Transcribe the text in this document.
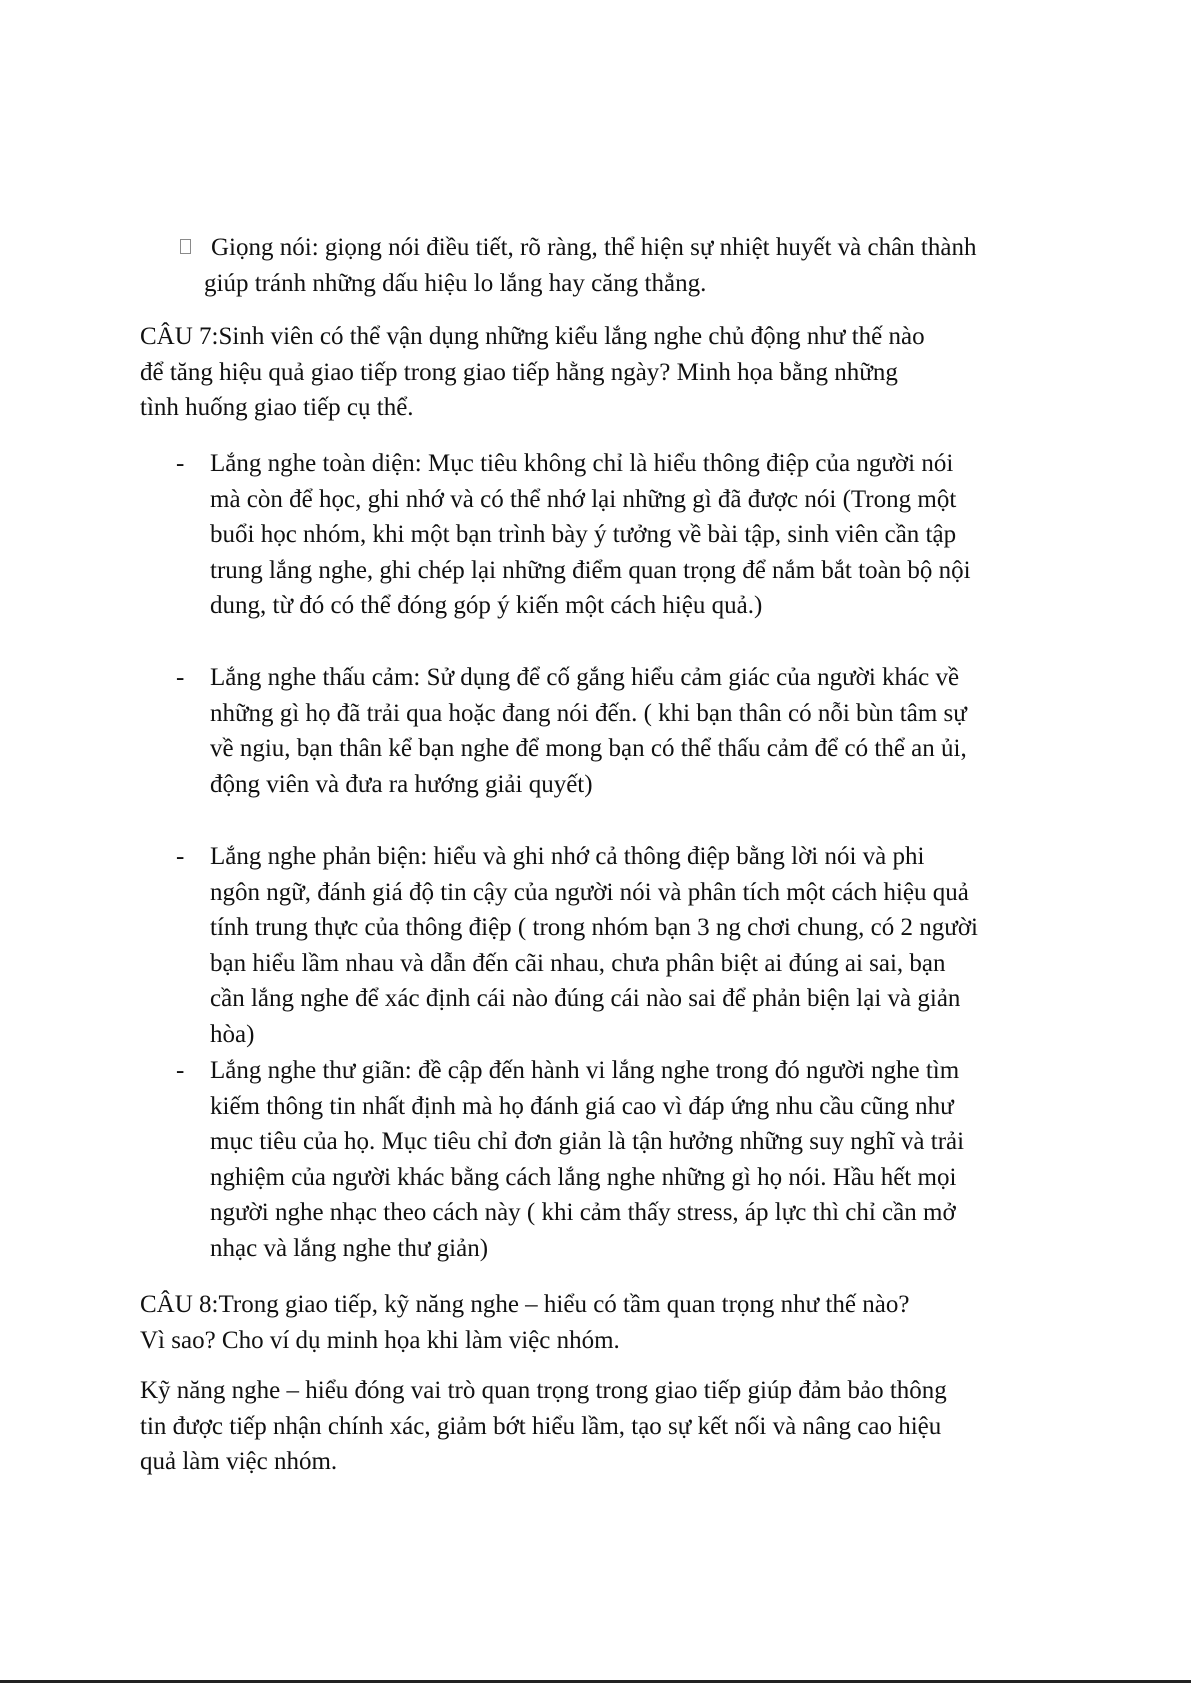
Giọng nói: giọng nói điều tiết, rõ ràng, thể hiện sự nhiệt huyết và chân thành

giúp tránh những dấu hiệu lo lắng hay căng thẳng.
CÂU 7:Sinh viên có thể vận dụng những kiểu lắng nghe chủ động như thế nào
để tăng hiệu quả giao tiếp trong giao tiếp hằng ngày? Minh họa bằng những
tình huống giao tiếp cụ thể.
- Lắng nghe toàn diện: Mục tiêu không chỉ là hiểu thông điệp của người nói
mà còn để học, ghi nhớ và có thể nhớ lại những gì đã được nói (Trong một
buổi học nhóm, khi một bạn trình bày ý tưởng về bài tập, sinh viên cần tập
trung lắng nghe, ghi chép lại những điểm quan trọng để nắm bắt toàn bộ nội
dung, từ đó có thể đóng góp ý kiến một cách hiệu quả.)
- Lắng nghe thấu cảm: Sử dụng để cố gắng hiểu cảm giác của người khác về
những gì họ đã trải qua hoặc đang nói đến. ( khi bạn thân có nỗi bùn tâm sự
về ngiu, bạn thân kể bạn nghe để mong bạn có thể thấu cảm để có thể an ủi,
động viên và đưa ra hướng giải quyết)
- Lắng nghe phản biện: hiểu và ghi nhớ cả thông điệp bằng lời nói và phi
ngôn ngữ, đánh giá độ tin cậy của người nói và phân tích một cách hiệu quả
tính trung thực của thông điệp ( trong nhóm bạn 3 ng chơi chung, có 2 người
bạn hiểu lầm nhau và dẫn đến cãi nhau, chưa phân biệt ai đúng ai sai, bạn
cần lắng nghe để xác định cái nào đúng cái nào sai để phản biện lại và giản
hòa)
- Lắng nghe thư giãn: đề cập đến hành vi lắng nghe trong đó người nghe tìm
kiếm thông tin nhất định mà họ đánh giá cao vì đáp ứng nhu cầu cũng như
mục tiêu của họ. Mục tiêu chỉ đơn giản là tận hưởng những suy nghĩ và trải
nghiệm của người khác bằng cách lắng nghe những gì họ nói. Hầu hết mọi
người nghe nhạc theo cách này ( khi cảm thấy stress, áp lực thì chỉ cần mở
nhạc và lắng nghe thư giản)
CÂU 8:Trong giao tiếp, kỹ năng nghe – hiểu có tầm quan trọng như thế nào?
Vì sao? Cho ví dụ minh họa khi làm việc nhóm.
Kỹ năng nghe – hiểu đóng vai trò quan trọng trong giao tiếp giúp đảm bảo thông
tin được tiếp nhận chính xác, giảm bớt hiểu lầm, tạo sự kết nối và nâng cao hiệu
quả làm việc nhóm.
